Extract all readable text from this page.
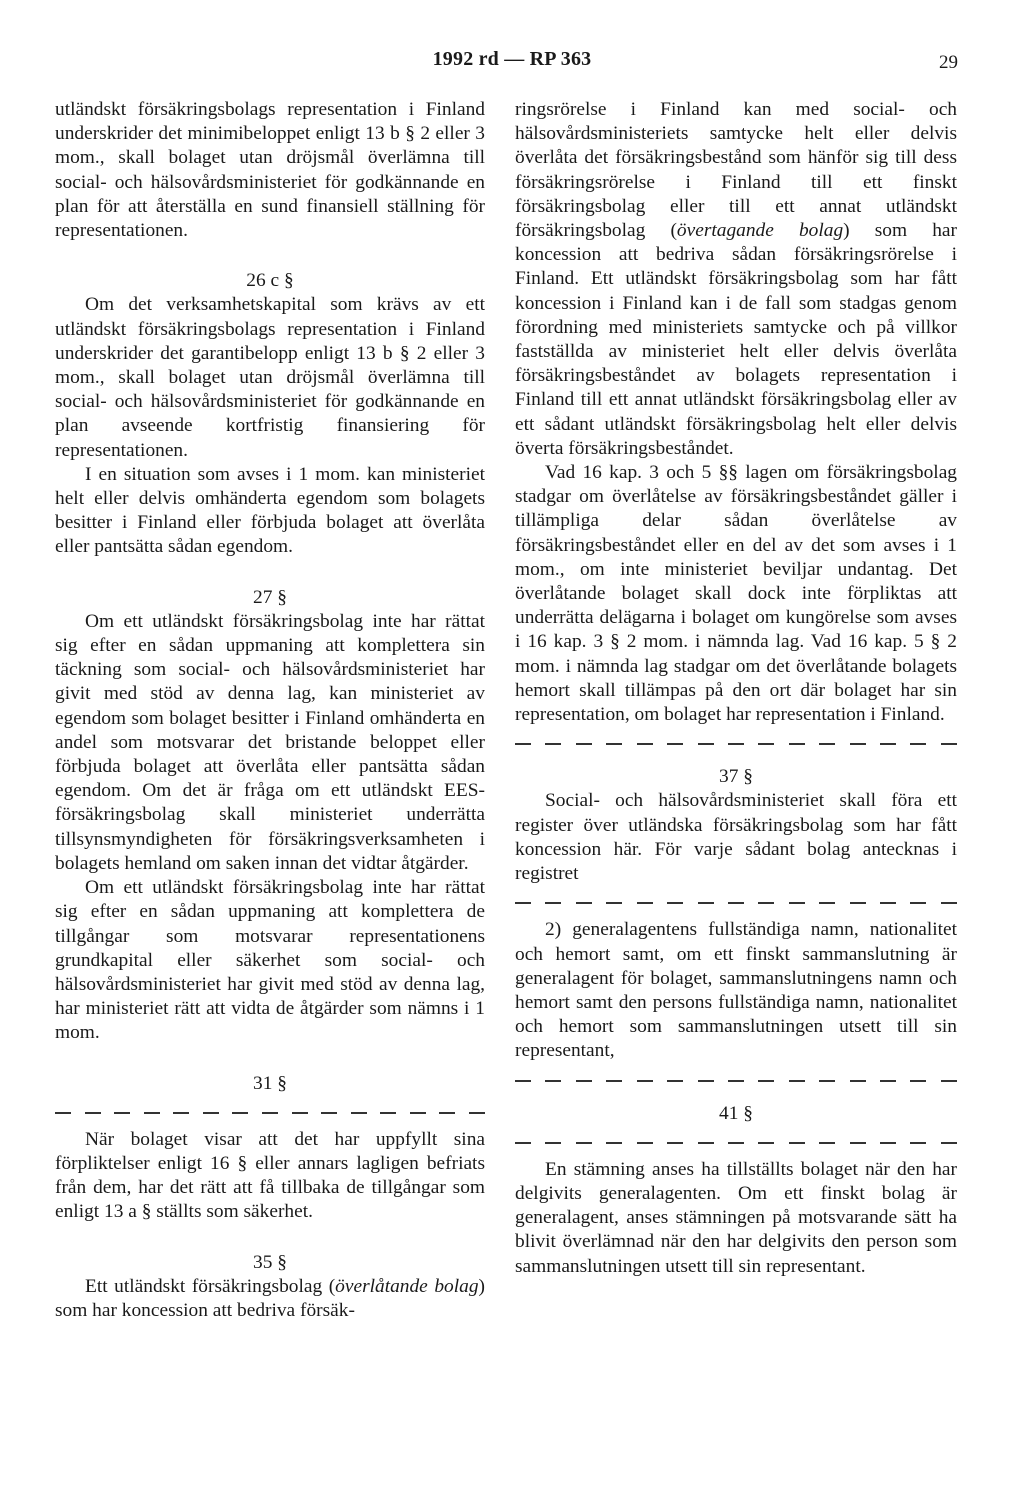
1992 rd — RP 363	29

utländskt försäkringsbolags representation i Finland underskrider det minimibeloppet enligt 13 b § 2 eller 3 mom., skall bolaget utan dröjsmål överlämna till social- och hälsovårdsministeriet för godkännande en plan för att återställa en sund finansiell ställning för representationen.

26 c §

Om det verksamhetskapital som krävs av ett utländskt försäkringsbolags representation i Finland underskrider det garantibelopp enligt 13 b § 2 eller 3 mom., skall bolaget utan dröjsmål överlämna till social- och hälsovårdsministeriet för godkännande en plan avseende kortfristig finansiering för representationen.

I en situation som avses i 1 mom. kan ministeriet helt eller delvis omhänderta egendom som bolagets besitter i Finland eller förbjuda bolaget att överlåta eller pantsätta sådan egendom.

27 §

Om ett utländskt försäkringsbolag inte har rättat sig efter en sådan uppmaning att komplettera sin täckning som social- och hälsovårdsministeriet har givit med stöd av denna lag, kan ministeriet av egendom som bolaget besitter i Finland omhänderta en andel som motsvarar det bristande beloppet eller förbjuda bolaget att överlåta eller pantsätta sådan egendom. Om det är fråga om ett utländskt EES-försäkringsbolag skall ministeriet underrätta tillsynsmyndigheten för försäkringsverksamheten i bolagets hemland om saken innan det vidtar åtgärder.

Om ett utländskt försäkringsbolag inte har rättat sig efter en sådan uppmaning att komplettera de tillgångar som motsvarar representationens grundkapital eller säkerhet som social- och hälsovårdsministeriet har givit med stöd av denna lag, har ministeriet rätt att vidta de åtgärder som nämns i 1 mom.

31 §

När bolaget visar att det har uppfyllt sina förpliktelser enligt 16 § eller annars lagligen befriats från dem, har det rätt att få tillbaka de tillgångar som enligt 13 a § ställts som säkerhet.

35 §

Ett utländskt försäkringsbolag (överlåtande bolag) som har koncession att bedriva försäk-

ringsrörelse i Finland kan med social- och hälsovårdsministeriets samtycke helt eller delvis överlåta det försäkringsbestånd som hänför sig till dess försäkringsrörelse i Finland till ett finskt försäkringsbolag eller till ett annat utländskt försäkringsbolag (övertagande bolag) som har koncession att bedriva sådan försäkringsrörelse i Finland. Ett utländskt försäkringsbolag som har fått koncession i Finland kan i de fall som stadgas genom förordning med ministeriets samtycke och på villkor fastställda av ministeriet helt eller delvis överlåta försäkringsbeståndet av bolagets representation i Finland till ett annat utländskt försäkringsbolag eller av ett sådant utländskt försäkringsbolag helt eller delvis överta försäkringsbeståndet.

Vad 16 kap. 3 och 5 §§ lagen om försäkringsbolag stadgar om överlåtelse av försäkringsbeståndet gäller i tillämpliga delar sådan överlåtelse av försäkringsbeståndet eller en del av det som avses i 1 mom., om inte ministeriet beviljar undantag. Det överlåtande bolaget skall dock inte förpliktas att underrätta delägarna i bolaget om kungörelse som avses i 16 kap. 3 § 2 mom. i nämnda lag. Vad 16 kap. 5 § 2 mom. i nämnda lag stadgar om det överlåtande bolagets hemort skall tillämpas på den ort där bolaget har sin representation, om bolaget har representation i Finland.

37 §

Social- och hälsovårdsministeriet skall föra ett register över utländska försäkringsbolag som har fått koncession här. För varje sådant bolag antecknas i registret

2) generalagentens fullständiga namn, nationalitet och hemort samt, om ett finskt sammanslutning är generalagent för bolaget, sammanslutningens namn och hemort samt den persons fullständiga namn, nationalitet och hemort som sammanslutningen utsett till sin representant,

41 §

En stämning anses ha tillställts bolaget när den har delgivits generalagenten. Om ett finskt bolag är generalagent, anses stämningen på motsvarande sätt ha blivit överlämnad när den har delgivits den person som sammanslutningen utsett till sin representant.
